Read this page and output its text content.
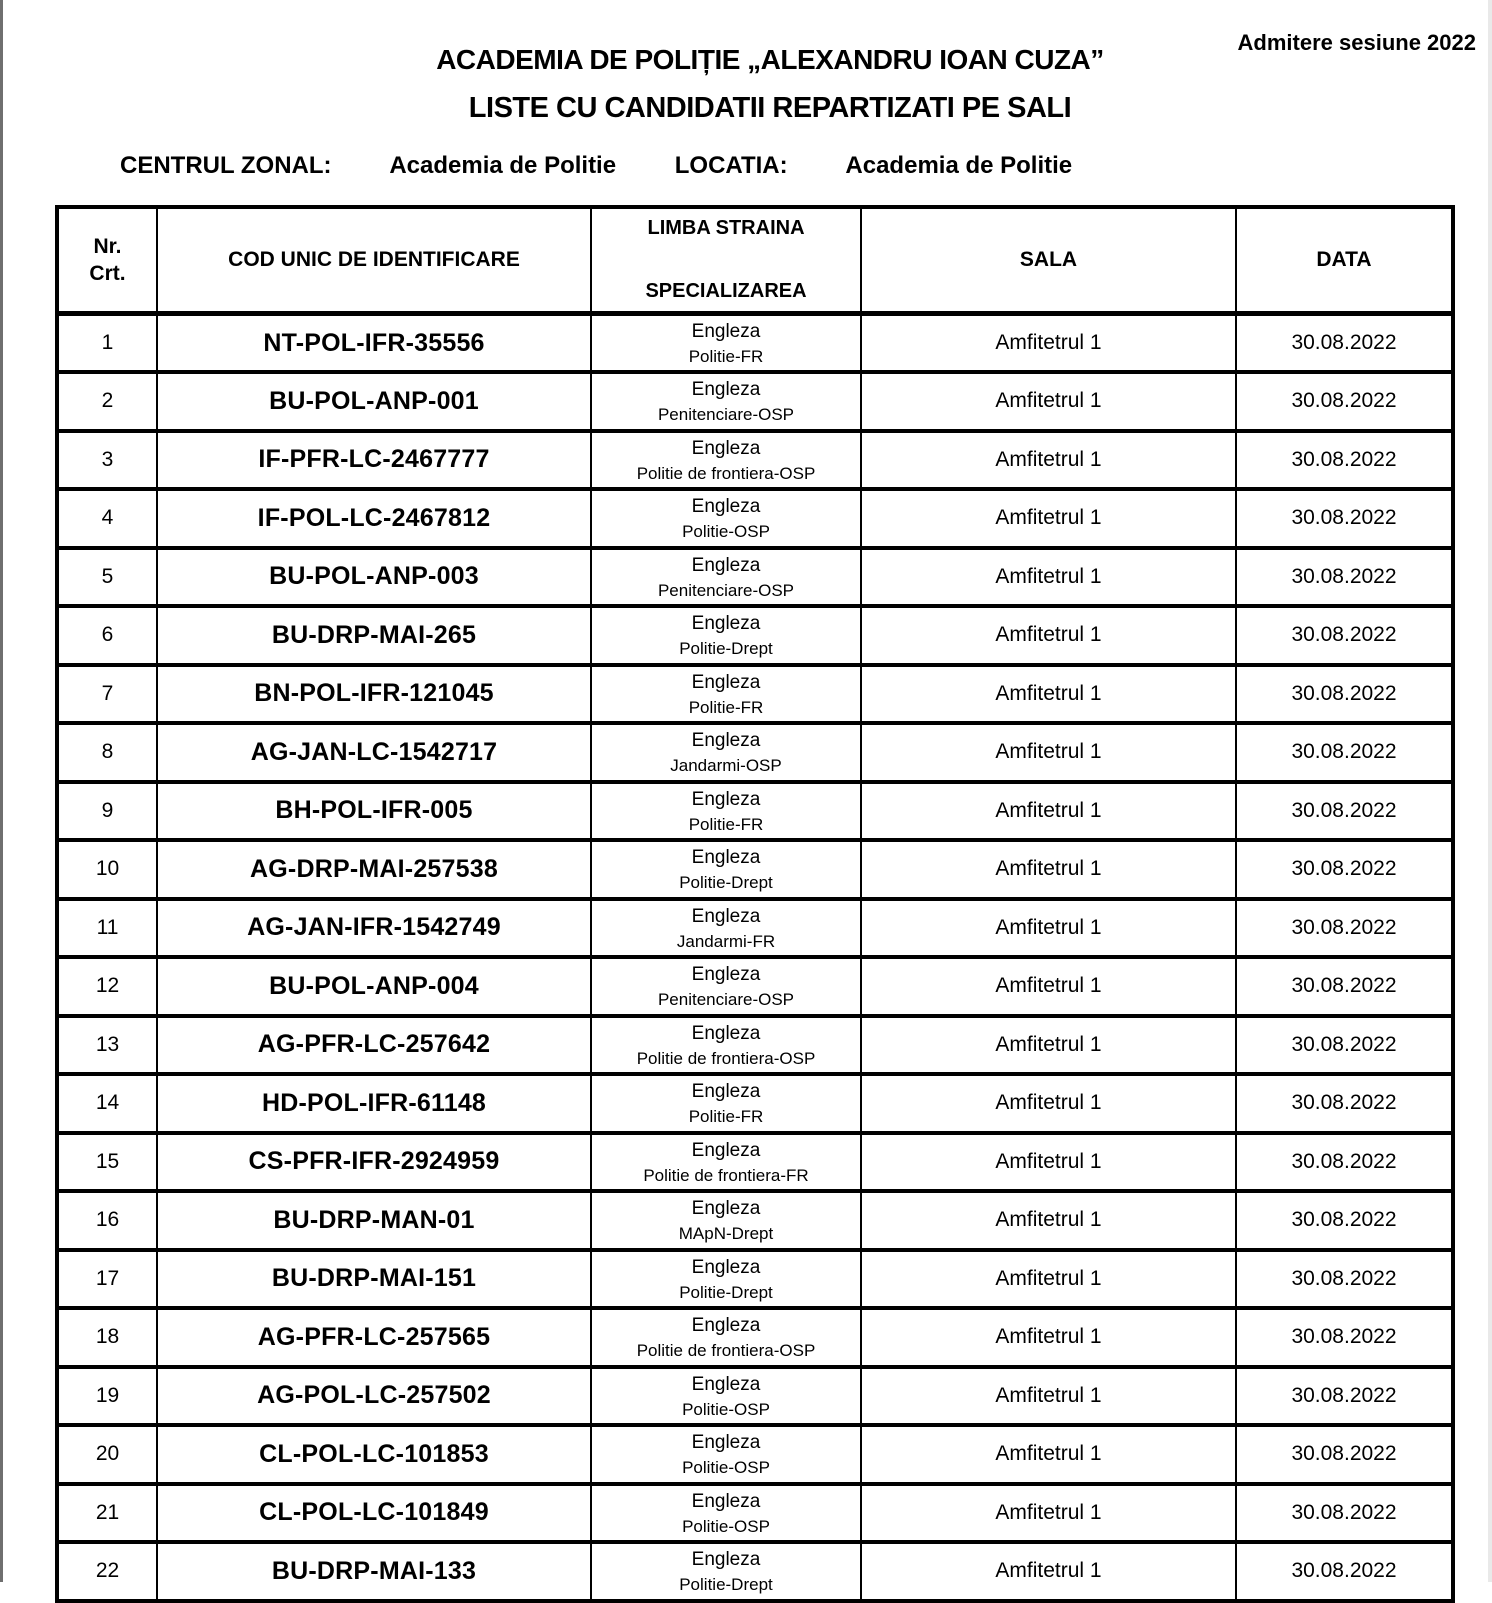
Admitere sesiune 2022
ACADEMIA DE POLIȚIE „ALEXANDRU IOAN CUZA”
LISTE CU CANDIDATII REPARTIZATI PE SALI
CENTRUL ZONAL: Academia de Politie LOCATIA: Academia de Politie
Nr.
Crt.
	COD UNIC DE IDENTIFICARE	
LIMBA STRAINA
SPECIALIZAREA
	SALA	DATA
1	NT-POL-IFR-35556	Engleza
Politie-FR	Amfitetrul 1	30.08.2022
2	BU-POL-ANP-001	Engleza
Penitenciare-OSP	Amfitetrul 1	30.08.2022
3	IF-PFR-LC-2467777	Engleza
Politie de frontiera-OSP	Amfitetrul 1	30.08.2022
4	IF-POL-LC-2467812	Engleza
Politie-OSP	Amfitetrul 1	30.08.2022
5	BU-POL-ANP-003	Engleza
Penitenciare-OSP	Amfitetrul 1	30.08.2022
6	BU-DRP-MAI-265	Engleza
Politie-Drept	Amfitetrul 1	30.08.2022
7	BN-POL-IFR-121045	Engleza
Politie-FR	Amfitetrul 1	30.08.2022
8	AG-JAN-LC-1542717	Engleza
Jandarmi-OSP	Amfitetrul 1	30.08.2022
9	BH-POL-IFR-005	Engleza
Politie-FR	Amfitetrul 1	30.08.2022
10	AG-DRP-MAI-257538	Engleza
Politie-Drept	Amfitetrul 1	30.08.2022
11	AG-JAN-IFR-1542749	Engleza
Jandarmi-FR	Amfitetrul 1	30.08.2022
12	BU-POL-ANP-004	Engleza
Penitenciare-OSP	Amfitetrul 1	30.08.2022
13	AG-PFR-LC-257642	Engleza
Politie de frontiera-OSP	Amfitetrul 1	30.08.2022
14	HD-POL-IFR-61148	Engleza
Politie-FR	Amfitetrul 1	30.08.2022
15	CS-PFR-IFR-2924959	Engleza
Politie de frontiera-FR	Amfitetrul 1	30.08.2022
16	BU-DRP-MAN-01	Engleza
MApN-Drept	Amfitetrul 1	30.08.2022
17	BU-DRP-MAI-151	Engleza
Politie-Drept	Amfitetrul 1	30.08.2022
18	AG-PFR-LC-257565	Engleza
Politie de frontiera-OSP	Amfitetrul 1	30.08.2022
19	AG-POL-LC-257502	Engleza
Politie-OSP	Amfitetrul 1	30.08.2022
20	CL-POL-LC-101853	Engleza
Politie-OSP	Amfitetrul 1	30.08.2022
21	CL-POL-LC-101849	Engleza
Politie-OSP	Amfitetrul 1	30.08.2022
22	BU-DRP-MAI-133	Engleza
Politie-Drept	Amfitetrul 1	30.08.2022
